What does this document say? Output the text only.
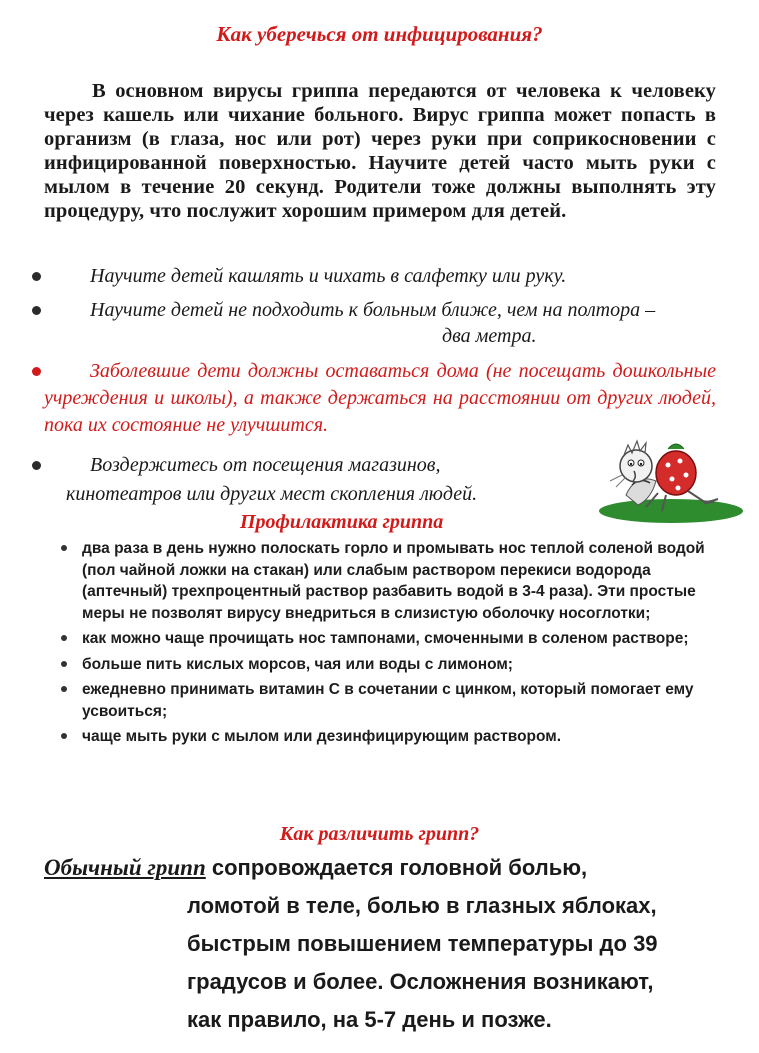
Как уберечься от инфицирования?
В основном вирусы гриппа передаются от человека к человеку через кашель или чихание больного. Вирус гриппа может попасть в организм (в глаза, нос или рот) через руки при соприкосновении с инфицированной поверхностью. Научите детей часто мыть руки с мылом в течение 20 секунд. Родители тоже должны выполнять эту процедуру, что послужит хорошим примером для детей.
Научите детей кашлять и чихать в салфетку или руку.
Научите детей не подходить к больным ближе, чем на полтора –
два метра.
Заболевшие дети должны оставаться дома (не посещать дошкольные учреждения и школы), а также держаться на расстоянии от других людей, пока их состояние не улучшится.
Воздержитесь от посещения магазинов,
кинотеатров или других мест скопления людей.
Профилактика гриппа
два раза в день нужно полоскать горло и промывать нос теплой соленой водой (пол чайной ложки на стакан) или слабым раствором перекиси водорода (аптечный) трехпроцентный раствор разбавить водой в 3-4 раза). Эти простые меры не позволят вирусу внедриться в слизистую оболочку носоглотки;
как можно чаще прочищать нос тампонами, смоченными в соленом растворе;
больше пить кислых морсов, чая или воды с лимоном;
ежедневно принимать витамин С в сочетании с цинком, который помогает ему усвоиться;
чаще мыть руки с мылом или дезинфицирующим раствором.
Как различить грипп?
Обычный грипп сопровождается головной болью,
ломотой в теле, болью в глазных яблоках,
быстрым повышением температуры до 39
градусов и более. Осложнения возникают,
как правило, на 5-7 день и позже.
